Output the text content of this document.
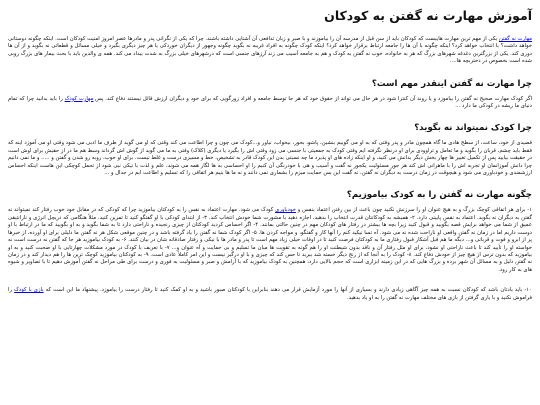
آموزش مهارت نه گفتن به کودکان

مهارت نه گفتن یکی از مهم ترین مهارت هاییست که کودکان باید از سن قبل از مدرسه آن را بیاموزند و با صبر و زبان تدافعی آن آشنایی داشته باشند. چرا که یکی از نگرانی پدر و مادرها عصر امروز امنیت کودکان است. اینکه چگونه دوستانی خواهد داشت؟ با انتخاب خواهد کرد؟ اینکه چگونه با آن ها را جامعه ارتباط برقرار خواهد کرد؟ اینکه کودک چگونه به افراد غریبه نه بگوید چگونه وجهور از دیگران خوردکی یا هر چیز دیگری بگیرد و خیلی مسائل و قطعاتی نه بگوید و از آن ها دوری کند. یکی از بزرگترین دغدغه شهرهای بزرگ که هر به خانواده، خوب نه گفتن به کودک و هم به جامعه آسیب می زند آرزهای جنسی است که درشهرهای خیلی بزرگ به شدت بیداد می کند. همه ی والدین باید با بحث بیمار های بزرگ روبی شده است بخصوص در دختربچه ها....

چرا مهارت نه گفتن اینقدر مهم است؟

اگر کودک مهارت صحیح نه گفتن را بیاموزد و یا روند آن کنترا شود در هر حال می تواند از حقوق خود که هر جا توسط جامعه و افراد زورگویی که برای خود و دیگران ارزش قائل نیستند دفاع کند. پس مهارت کودک را باید بدانید چرا که تمام دنیای ما ریشه در کودکی ما دارد ...

چرا کودک نمیتواند نه بگوید؟

قصیدی از خود، ساعت، از سطح هادی ما گاه همچون مادر و پدر وقتی که به او می گوییم بنشین، پاشو، بخور، بیخواب، نیاور و...کودک می چون و چرا اطاعت می کند وقتی که او می گوید از طرف ما ادبی می شود وقتی او می آموزد اینه که فقط باید چشم، قربان را بگوید و ما تعامل و تراوودی برای او درنظر نگرفته ایم وقتی کودک به جمعیتی با جنسی می زود وقتی اش را بگیرد یا دیگری (کلاک) وقتی به ما می گوید از گوش اش گرداند وسط هم ما در از حقیش برای اوش است در حقیقت بیایید پس از تکمیل تغییر ها چهار بخش دیگر بدانش می کنید، و او اینکه زاده های او پذیرد ما چه نسبتی بدن این کودک قادر به تشخیص، خط و مسیری درست و غلط نیست. برای او خوب، روبه رو شدن و گفتن و ..... و ما نمی دانیم چرا دانش آموزانمان او تجربه اش را با ماهرانی اش کند هر جور مسئولیت یکجور نه گفت و آسیب و هی با خودرنگی آن کنیم را او احساسی به ها لگار همه می شوند، علم و لذت با نیکی نبی شود از تحمل کوچکی این هاست اینکه احساس ارزشمندی و خودباوری می شود و هیچوقت در زمان درست به دیگران نه گفتن، نه گفت این بس حمایت میزم را بشماری نمی دانند و نه ما ها بنیم هر اتفاقی را که تسلیم و اطاعت ایم در جدال و ...

چگونه مهارت نه گفتن را به کودک بیاموزیم؟

۱- برای هر اتفاقی کوچک بزرگ و به هیچ عنوان او را سرزنش نکنید چون باعث از بین رفتن اعتماد بنفس و خودباوری کودک می شود. مهارت اعتماد به نفس را به کودکتان بیاموزید چرا که کودکی که در مقابل خود خوب رفتار کند نمیتواند نه گفتن به دیگران نه بگوید. اعتماد به نفس پایینی دارد. ۲- همیشه به کودکانتان قدرت انتخاب را بدهید، اجازه دهید با مشورت شما خودش انتخاب کند. ۳- از ابتدای کودکی با او گفتگو کنید تا تمرین کنید. مثلاً هنگامی که دریچل انرژی و نارانتیقی عمیق از شما می خواهد برایش قصه بگویید و قبول کنید زیرا بچه ها بیشتر در رفتار های کودکان مهم در چنین حالتی بمانند. ۴- اگر احساس کردید کودکتان از چیزی رنجیده و ناراحتی دارد تا به شما بگوید و به او بگویید که ما در ارتباط با او دوست داریم اما در زمان نه گفتن واقعی او ناراحت شده نه می شود. آه تسا نیکید کنم را آنها کار و گفتگو، و مواجه کردن ها. ۵- اگر کودک شما نه گفتن را یاد گرفته باشد و در چنین موقعی شکل هر نه گفتن ما دلیلی برای او آورده، از خبرها پر از ابرو و قوت و قربانی و... دیگه ما هم قبل آشکار قبول رفتاری ما به کودکتان فرصت کنید تا در اوقات خیلی زیاد مهم است تا پدر و مادر ها با نیکی و رفتار صادقانه شان در بیان کنند. ۶- به کودک بیاموزید هر جا که گفتن نه درست است نه خواسته او را تأیید کند تا باعث ناراحتی او نشود، برای او مثل رفتار آن و ناقد بدون شیطنت او را هم گونه به تقویت ها میان ما تسلیم و بی حمایت و آه عنوان و... ۷- با تعریف با کودک در مورد مشکلات چهارتایی با او صحبت کنید و به او بیاموزید که بدون ترس از هیچ چیز از خودش دفاع کند. ۸- کودک را به آنجا که از رنج دیگر خسته شد ببرید تا حس کند که چیزی و با او درگیر نیست و این امر کاملاً عادی است. ۹- به کودکتان بیاموزید کوچک ترین ها را هم دیدار کند و در زمان نه گفتن دلیل و به مسائل آن شهر برده و بزرگ هایی که در این زمینه ابزاری است که حجم بالایی دارد، همچنین به کودک بیاموزید که با آرامش و صبر و مسئولیت به فوری و درست برای طی مراحل نه گفتن آموزش دهیم تا با تصاویر و شیوه های به کار رود.

۱۰- باید یادتان باشد که کودکان نسبت به همه چیز آگاهی زیادی دارند و بسیاری از آنها را مورد آزمایش قرار می دهند بنابراین با کودکتان صبور باشید و به او کمک کنید تا رفتار درست را بیاموزد. پیشنهاد ما این است که بازی با کودک را فراموش نکنید و با یاری گرفتن از بازی های مختلف مهارت نه گفتن را به او یاد بدهید.
